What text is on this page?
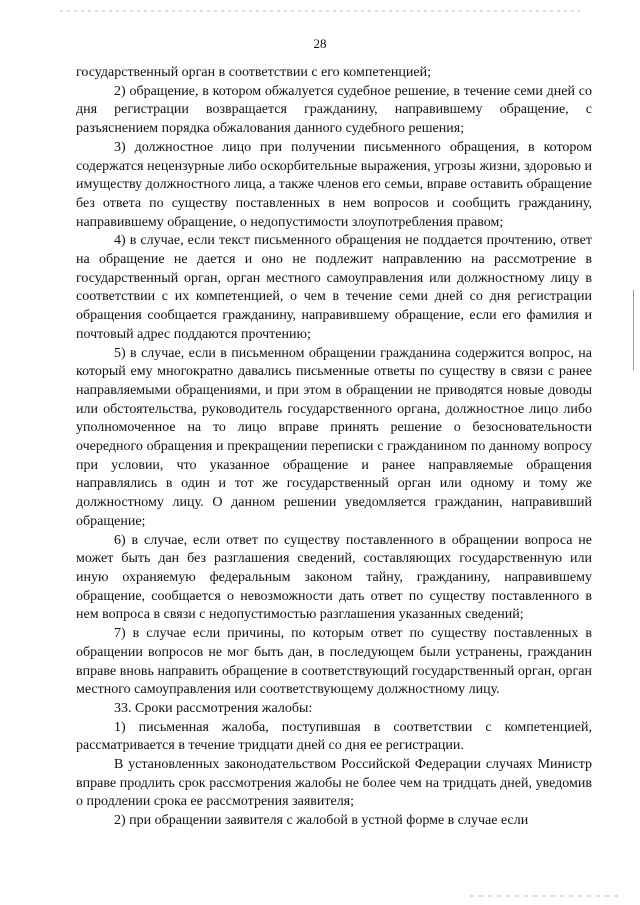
28

государственный орган в соответствии с его компетенцией;

2) обращение, в котором обжалуется судебное решение, в течение семи дней со дня регистрации возвращается гражданину, направившему обращение, с разъяснением порядка обжалования данного судебного решения;

3) должностное лицо при получении письменного обращения, в котором содержатся нецензурные либо оскорбительные выражения, угрозы жизни, здоровью и имуществу должностного лица, а также членов его семьи, вправе оставить обращение без ответа по существу поставленных в нем вопросов и сообщить гражданину, направившему обращение, о недопустимости злоупотребления правом;

4) в случае, если текст письменного обращения не поддается прочтению, ответ на обращение не дается и оно не подлежит направлению на рассмотрение в государственный орган, орган местного самоуправления или должностному лицу в соответствии с их компетенцией, о чем в течение семи дней со дня регистрации обращения сообщается гражданину, направившему обращение, если его фамилия и почтовый адрес поддаются прочтению;

5) в случае, если в письменном обращении гражданина содержится вопрос, на который ему многократно давались письменные ответы по существу в связи с ранее направляемыми обращениями, и при этом в обращении не приводятся новые доводы или обстоятельства, руководитель государственного органа, должностное лицо либо уполномоченное на то лицо вправе принять решение о безосновательности очередного обращения и прекращении переписки с гражданином по данному вопросу при условии, что указанное обращение и ранее направляемые обращения направлялись в один и тот же государственный орган или одному и тому же должностному лицу. О данном решении уведомляется гражданин, направивший обращение;

6) в случае, если ответ по существу поставленного в обращении вопроса не может быть дан без разглашения сведений, составляющих государственную или иную охраняемую федеральным законом тайну, гражданину, направившему обращение, сообщается о невозможности дать ответ по существу поставленного в нем вопроса в связи с недопустимостью разглашения указанных сведений;

7) в случае если причины, по которым ответ по существу поставленных в обращении вопросов не мог быть дан, в последующем были устранены, гражданин вправе вновь направить обращение в соответствующий государственный орган, орган местного самоуправления или соответствующему должностному лицу.

33. Сроки рассмотрения жалобы:

1) письменная жалоба, поступившая в соответствии с компетенцией, рассматривается в течение тридцати дней со дня ее регистрации.

В установленных законодательством Российской Федерации случаях Министр вправе продлить срок рассмотрения жалобы не более чем на тридцать дней, уведомив о продлении срока ее рассмотрения заявителя;

2) при обращении заявителя с жалобой в устной форме в случае если
